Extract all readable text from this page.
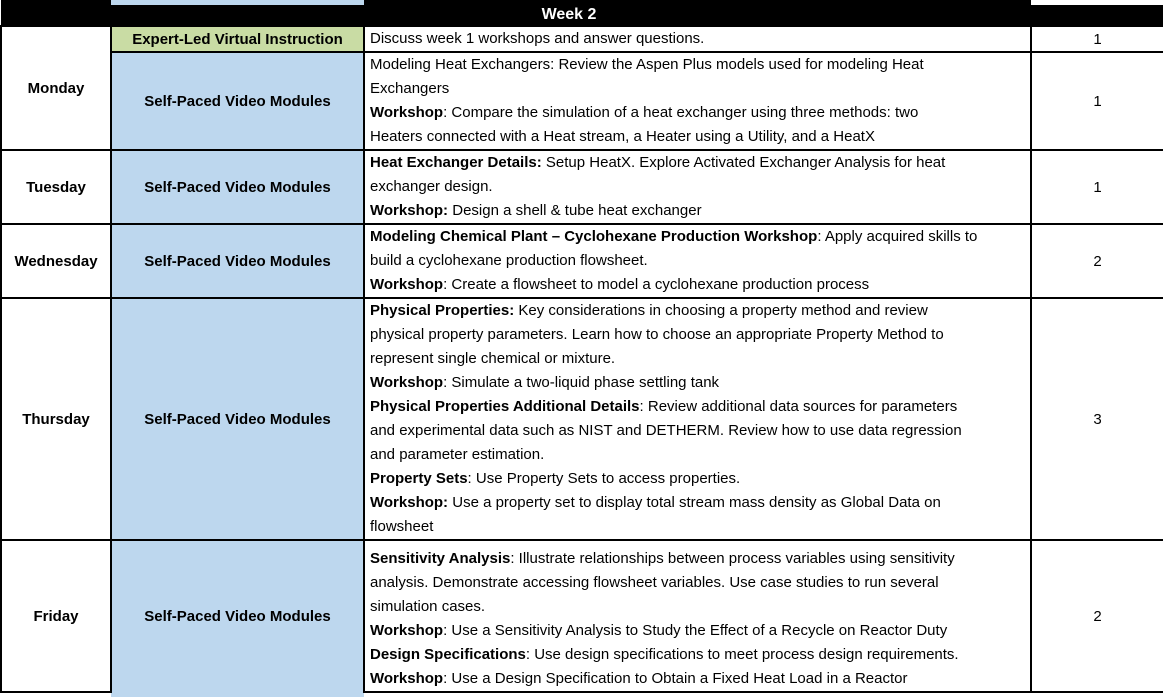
Week 2			

Monday	Expert-Led Virtual Instruction	Discuss week 1 workshops and answer questions.	1
	Self-Paced Video Modules	Modeling Heat Exchangers: Review the Aspen Plus models used for modeling Heat
Exchangers
Workshop: Compare the simulation of a heat exchanger using three methods: two
Heaters connected with a Heat stream, a Heater using a Utility, and a HeatX	1
Tuesday	Self-Paced Video Modules	Heat Exchanger Details: Setup HeatX. Explore Activated Exchanger Analysis for heat
exchanger design.
Workshop: Design a shell & tube heat exchanger	1
Wednesday	Self-Paced Video Modules	Modeling Chemical Plant – Cyclohexane Production Workshop: Apply acquired skills to
build a cyclohexane production flowsheet.
Workshop: Create a flowsheet to model a cyclohexane production process	2
Thursday	Self-Paced Video Modules	
Physical Properties: Key considerations in choosing a property method and review
physical property parameters. Learn how to choose an appropriate Property Method to
represent single chemical or mixture.
Workshop: Simulate a two-liquid phase settling tank
Physical Properties Additional Details: Review additional data sources for parameters
and experimental data such as NIST and DETHERM. Review how to use data regression
and parameter estimation.
Property Sets: Use Property Sets to access properties.
Workshop: Use a property set to display total stream mass density as Global Data on
flowsheet
	3
Friday	Self-Paced Video Modules	
Sensitivity Analysis: Illustrate relationships between process variables using sensitivity
analysis. Demonstrate accessing flowsheet variables. Use case studies to run several
simulation cases.
Workshop: Use a Sensitivity Analysis to Study the Effect of a Recycle on Reactor Duty
Design Specifications: Use design specifications to meet process design requirements.
Workshop: Use a Design Specification to Obtain a Fixed Heat Load in a Reactor
	2
